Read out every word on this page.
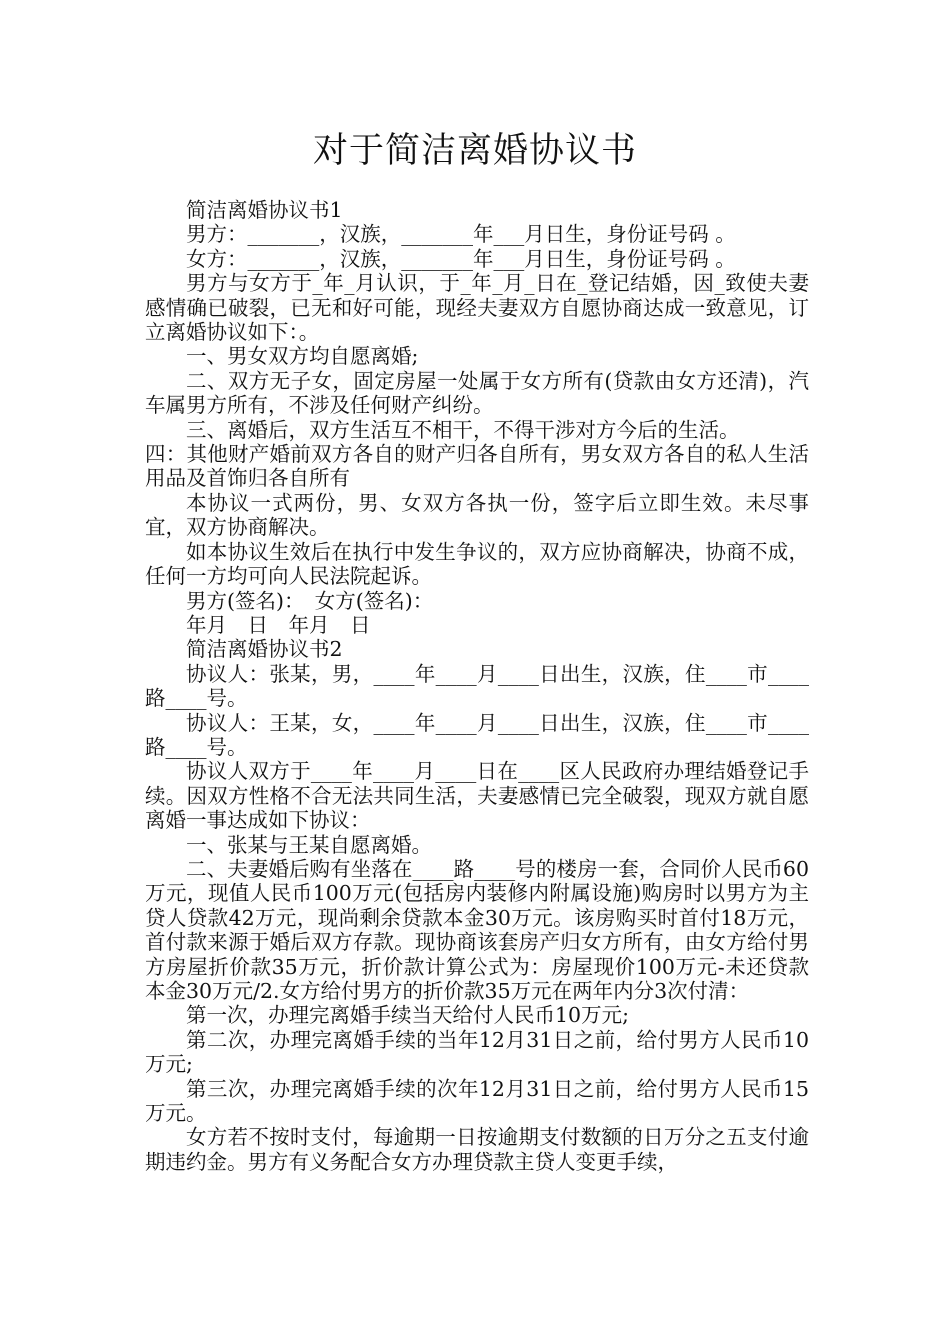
对于简洁离婚协议书

简洁离婚协议书1

男方：_______，汉族，_______年___月日生，身份证号码 。

女方：_______，汉族，_______年___月日生，身份证号码 。

男方与女方于_年_月认识，于_年_月_日在_登记结婚，因_致使夫妻感情确已破裂，已无和好可能，现经夫妻双方自愿协商达成一致意见，订立离婚协议如下：。

一、男女双方均自愿离婚;

二、双方无子女，固定房屋一处属于女方所有(贷款由女方还清)，汽车属男方所有，不涉及任何财产纠纷。

三、离婚后，双方生活互不相干，不得干涉对方今后的生活。

四：其他财产婚前双方各自的财产归各自所有，男女双方各自的私人生活用品及首饰归各自所有

本协议一式两份，男、女双方各执一份，签字后立即生效。未尽事宜，双方协商解决。

如本协议生效后在执行中发生争议的，双方应协商解决，协商不成，任何一方均可向人民法院起诉。

男方(签名)：　女方(签名)：

年月　日　年月　日

简洁离婚协议书2

协议人：张某，男，____年____月____日出生，汉族，住____市____路____号。

协议人：王某，女，____年____月____日出生，汉族，住____市____路____号。

协议人双方于____年____月____日在____区人民政府办理结婚登记手续。因双方性格不合无法共同生活，夫妻感情已完全破裂，现双方就自愿离婚一事达成如下协议：

一、张某与王某自愿离婚。

二、夫妻婚后购有坐落在____路____号的楼房一套，合同价人民币60万元，现值人民币100万元(包括房内装修内附属设施)购房时以男方为主贷人贷款42万元，现尚剩余贷款本金30万元。该房购买时首付18万元，首付款来源于婚后双方存款。现协商该套房产归女方所有，由女方给付男方房屋折价款35万元，折价款计算公式为：房屋现价100万元-未还贷款本金30万元/2.女方给付男方的折价款35万元在两年内分3次付清：

第一次，办理完离婚手续当天给付人民币10万元;

第二次，办理完离婚手续的当年12月31日之前，给付男方人民币10万元;

第三次，办理完离婚手续的次年12月31日之前，给付男方人民币15万元。

女方若不按时支付，每逾期一日按逾期支付数额的日万分之五支付逾期违约金。男方有义务配合女方办理贷款主贷人变更手续，
